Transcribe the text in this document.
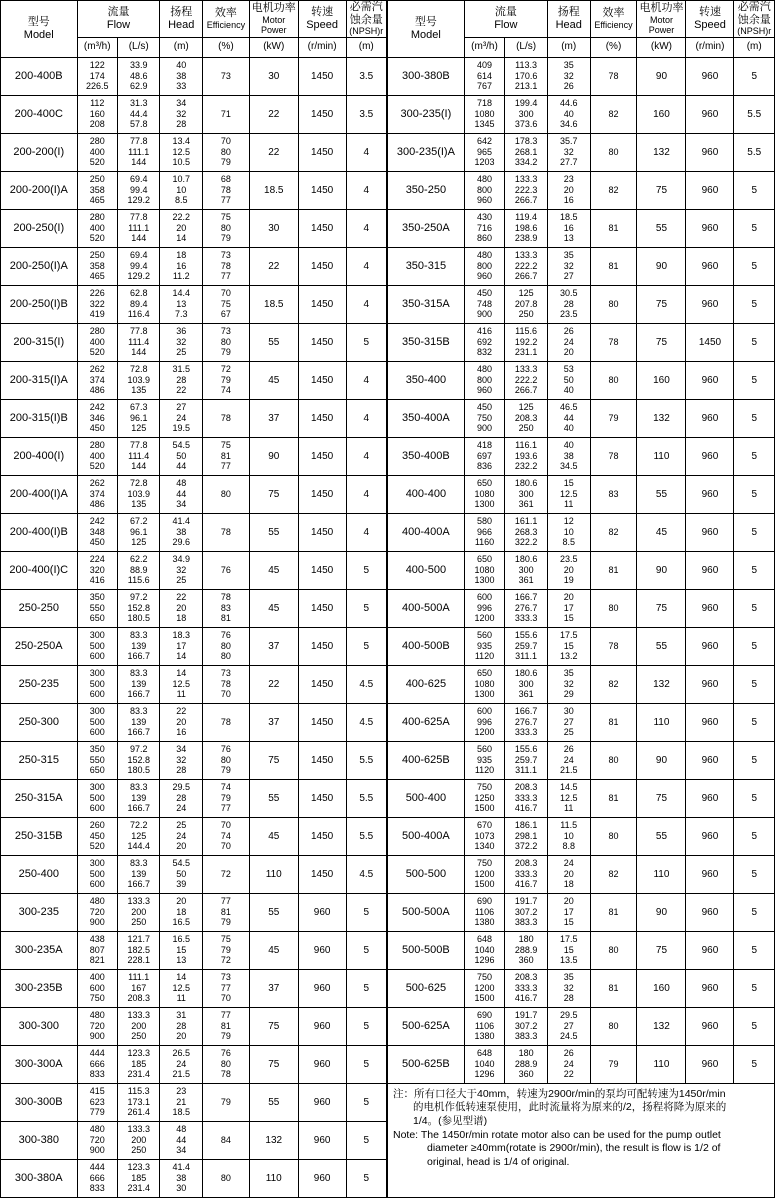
型号
Model	流量
Flow		扬程
Head	效率
Efficiency	电机功率
Motor
Power	转速
Speed	必需汽
蚀余量
(NPSH)r

	(m³/h)	(L/s)	(m)	(%)	(kW)	(r/min)	(m)
200-400B	122
174
226.5	33.9
48.6
62.9	40
38
33	73	30	1450	3.5
200-400C	112
160
208	31.3
44.4
57.8	34
32
28	71	22	1450	3.5
200-200(I)	280
400
520	77.8
111.1
144	13.4
12.5
10.5	70
80
79	22	1450	4
200-200(I)A	250
358
465	69.4
99.4
129.2	10.7
10
8.5	68
78
77	18.5	1450	4
200-250(I)	280
400
520	77.8
111.1
144	22.2
20
14	75
80
79	30	1450	4
200-250(I)A	250
358
465	69.4
99.4
129.2	18
16
11.2	73
78
77	22	1450	4
200-250(I)B	226
322
419	62.8
89.4
116.4	14.4
13
7.3	70
75
67	18.5	1450	4
200-315(I)	280
400
520	77.8
111.4
144	36
32
25	73
80
79	55	1450	5
200-315(I)A	262
374
486	72.8
103.9
135	31.5
28
22	72
79
74	45	1450	4
200-315(I)B	242
346
450	67.3
96.1
125	27
24
19.5	78	37	1450	4
200-400(I)	280
400
520	77.8
111.4
144	54.5
50
44	75
81
77	90	1450	4
200-400(I)A	262
374
486	72.8
103.9
135	48
44
34	80	75	1450	4
200-400(I)B	242
348
450	67.2
96.1
125	41.4
38
29.6	78	55	1450	4
200-400(I)C	224
320
416	62.2
88.9
115.6	34.9
32
25	76	45	1450	5
250-250	350
550
650	97.2
152.8
180.5	22
20
18	78
83
81	45	1450	5
250-250A	300
500
600	83.3
139
166.7	18.3
17
14	76
80
80	37	1450	5
250-235	300
500
600	83.3
139
166.7	14
12.5
11	73
78
70	22	1450	4.5
250-300	300
500
600	83.3
139
166.7	22
20
16	78	37	1450	4.5
250-315	350
550
650	97.2
152.8
180.5	34
32
28	76
80
79	75	1450	5.5
250-315A	300
500
600	83.3
139
166.7	29.5
28
24	74
79
77	55	1450	5.5
250-315B	260
450
520	72.2
125
144.4	25
24
20	70
74
70	45	1450	5.5
250-400	300
500
600	83.3
139
166.7	54.5
50
39	72	110	1450	4.5
300-235	480
720
900	133.3
200
250	20
18
16.5	77
81
79	55	960	5
300-235A	438
807
821	121.7
182.5
228.1	16.5
15
13	75
79
72	45	960	5
300-235B	400
600
750	111.1
167
208.3	14
12.5
11	73
77
70	37	960	5
300-300	480
720
900	133.3
200
250	31
28
20	77
81
79	75	960	5
300-300A	444
666
833	123.3
185
231.4	26.5
24
21.5	76
80
78	75	960	5
300-300B	415
623
779	115.3
173.1
261.4	23
21
18.5	79	55	960	5
300-380	480
720
900	133.3
200
250	48
44
34	84	132	960	5
300-380A	444
666
833	123.3
185
231.4	41.4
38
30	80	110	960	5
型号
Model	流量
Flow		扬程
Head	效率
Efficiency	电机功率
Motor
Power	转速
Speed	必需汽
蚀余量
(NPSH)r

	(m³/h)	(L/s)	(m)	(%)	(kW)	(r/min)	(m)
300-380B	409
614
767	113.3
170.6
213.1	35
32
26	78	90	960	5
300-235(I)	718
1080
1345	199.4
300
373.6	44.6
40
34.6	82	160	960	5.5
300-235(I)A	642
965
1203	178.3
268.1
334.2	35.7
32
27.7	80	132	960	5.5
350-250	480
800
960	133.3
222.3
266.7	23
20
16	82	75	960	5
350-250A	430
716
860	119.4
198.6
238.9	18.5
16
13	81	55	960	5
350-315	480
800
960	133.3
222.2
266.7	35
32
27	81	90	960	5
350-315A	450
748
900	125
207.8
250	30.5
28
23.5	80	75	960	5
350-315B	416
692
832	115.6
192.2
231.1	26
24
20	78	75	1450	5
350-400	480
800
960	133.3
222.2
266.7	53
50
40	80	160	960	5
350-400A	450
750
900	125
208.3
250	46.5
44
40	79	132	960	5
350-400B	418
697
836	116.1
193.6
232.2	40
38
34.5	78	110	960	5
400-400	650
1080
1300	180.6
300
361	15
12.5
11	83	55	960	5
400-400A	580
966
1160	161.1
268.3
322.2	12
10
8.5	82	45	960	5
400-500	650
1080
1300	180.6
300
361	23.5
20
19	81	90	960	5
400-500A	600
996
1200	166.7
276.7
333.3	20
17
15	80	75	960	5
400-500B	560
935
1120	155.6
259.7
311.1	17.5
15
13.2	78	55	960	5
400-625	650
1080
1300	180.6
300
361	35
32
29	82	132	960	5
400-625A	600
996
1200	166.7
276.7
333.3	30
27
25	81	110	960	5
400-625B	560
935
1120	155.6
259.7
311.1	26
24
21.5	80	90	960	5
500-400	750
1250
1500	208.3
333.3
416.7	14.5
12.5
11	81	75	960	5
500-400A	670
1073
1340	186.1
298.1
372.2	11.5
10
8.8	80	55	960	5
500-500	750
1200
1500	208.3
333.3
416.7	24
20
18	82	110	960	5
500-500A	690
1106
1380	191.7
307.2
383.3	20
17
15	81	90	960	5
500-500B	648
1040
1296	180
288.9
360	17.5
15
13.5	80	75	960	5
500-625	750
1200
1500	208.3
333.3
416.7	35
32
28	81	160	960	5
500-625A	690
1106
1380	191.7
307.2
383.3	29.5
27
24.5	80	132	960	5
500-625B	648
1040
1296	180
288.9
360	26
24
22	79	110	960	5

注：所有口径大于40mm，转速为2900r/min的泵均可配转速为1450r/min
的电机作低转速泵使用，此时流量将为原来的/2，扬程将降为原来的
1/4。(参见型谱)
Note: The 1450r/min rotate motor also can be used for the pump outlet
diameter ≥40mm(rotate is 2900r/min), the result is flow is 1/2 of
original, head is 1/4 of original.
